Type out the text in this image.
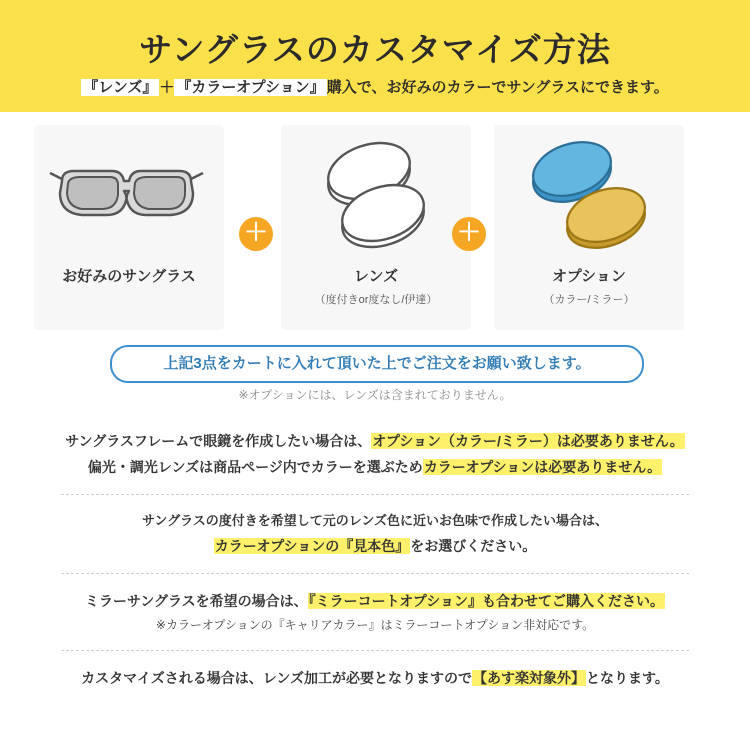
サングラスのカスタマイズ方法
『レンズ』 ＋ 『カラーオプション』 購入で、お好みのカラーでサングラスにできます。
お好みのサングラス
＋
レンズ
（度付きor度なし/伊達）
＋
オプション
（カラー/ミラー）
上記3点をカートに入れて頂いた上でご注文をお願い致します。
※オプションには、レンズは含まれておりません。
サングラスフレームで眼鏡を作成したい場合は、オプション（カラー/ミラー）は必要ありません。
偏光・調光レンズは商品ページ内でカラーを選ぶためカラーオプションは必要ありません。
サングラスの度付きを希望して元のレンズ色に近いお色味で作成したい場合は、
カラーオプションの『見本色』をお選びください。
ミラーサングラスを希望の場合は、『ミラーコートオプション』も合わせてご購入ください。
※カラーオプションの『キャリアカラー』はミラーコートオプション非対応です。
カスタマイズされる場合は、レンズ加工が必要となりますので【あす楽対象外】となります。
